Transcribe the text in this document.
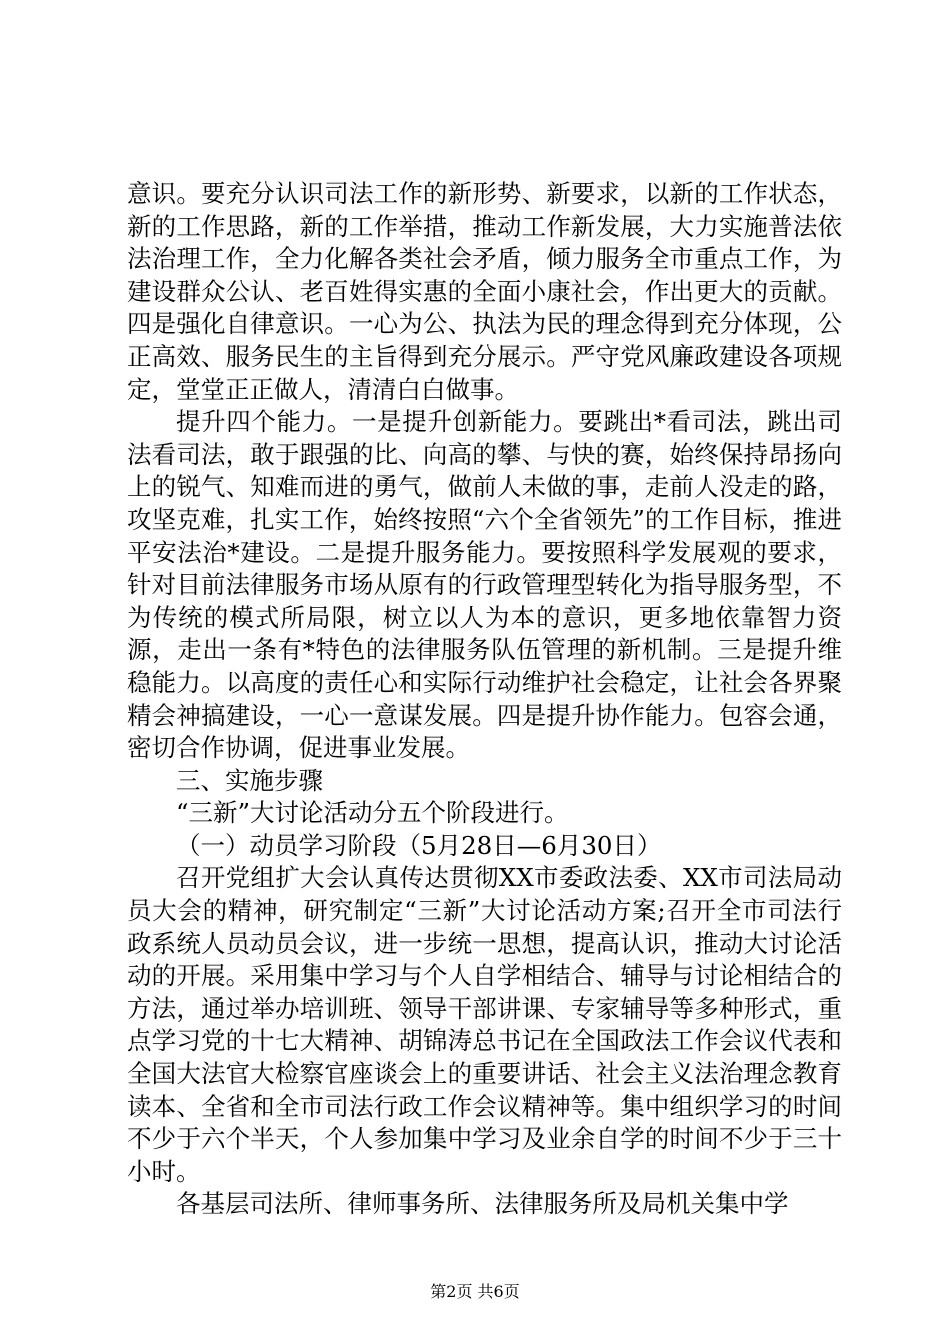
意识。要充分认识司法工作的新形势、新要求，以新的工作状态，新的工作思路，新的工作举措，推动工作新发展，大力实施普法依法治理工作，全力化解各类社会矛盾，倾力服务全市重点工作，为建设群众公认、老百姓得实惠的全面小康社会，作出更大的贡献。四是强化自律意识。一心为公、执法为民的理念得到充分体现，公正高效、服务民生的主旨得到充分展示。严守党风廉政建设各项规定，堂堂正正做人，清清白白做事。

提升四个能力。一是提升创新能力。要跳出*看司法，跳出司法看司法，敢于跟强的比、向高的攀、与快的赛，始终保持昂扬向上的锐气、知难而进的勇气，做前人未做的事，走前人没走的路，攻坚克难，扎实工作，始终按照“六个全省领先”的工作目标，推进平安法治*建设。二是提升服务能力。要按照科学发展观的要求，针对目前法律服务市场从原有的行政管理型转化为指导服务型，不为传统的模式所局限，树立以人为本的意识，更多地依靠智力资源，走出一条有*特色的法律服务队伍管理的新机制。三是提升维稳能力。以高度的责任心和实际行动维护社会稳定，让社会各界聚精会神搞建设，一心一意谋发展。四是提升协作能力。包容会通，密切合作协调，促进事业发展。

三、实施步骤

“三新”大讨论活动分五个阶段进行。

（一）动员学习阶段（5月28日—6月30日）

召开党组扩大会认真传达贯彻XX市委政法委、XX市司法局动员大会的精神，研究制定“三新”大讨论活动方案;召开全市司法行政系统人员动员会议，进一步统一思想，提高认识，推动大讨论活动的开展。采用集中学习与个人自学相结合、辅导与讨论相结合的方法，通过举办培训班、领导干部讲课、专家辅导等多种形式，重点学习党的十七大精神、胡锦涛总书记在全国政法工作会议代表和全国大法官大检察官座谈会上的重要讲话、社会主义法治理念教育读本、全省和全市司法行政工作会议精神等。集中组织学习的时间不少于六个半天，个人参加集中学习及业余自学的时间不少于三十小时。

各基层司法所、律师事务所、法律服务所及局机关集中学

第2页 共6页
